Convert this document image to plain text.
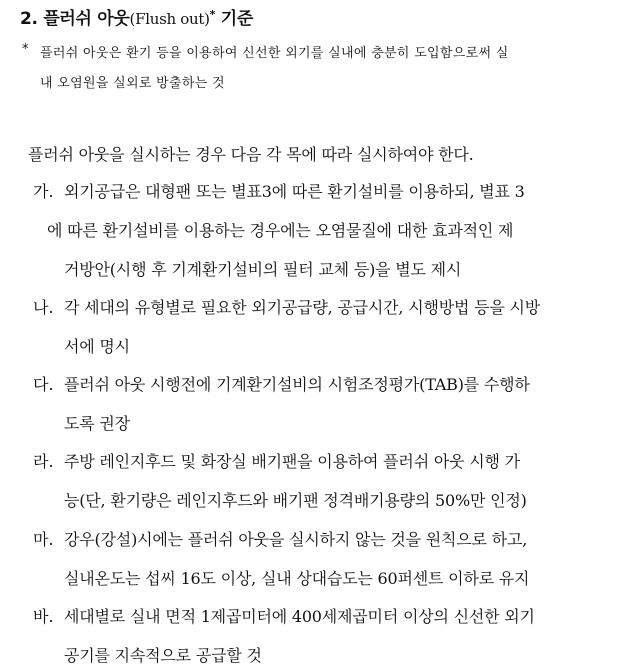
2. 플러쉬 아웃(Flush out)* 기준
* 플러쉬 아웃은 환기 등을 이용하여 신선한 외기를 실내에 충분히 도입함으로써 실
내 오염원을 실외로 방출하는 것
플러쉬 아웃을 실시하는 경우 다음 각 목에 따라 실시하여야 한다.
가. 외기공급은 대형팬 또는 별표3에 따른 환기설비를 이용하되, 별표 3
에 따른 환기설비를 이용하는 경우에는 오염물질에 대한 효과적인 제
거방안(시행 후 기계환기설비의 필터 교체 등)을 별도 제시
나. 각 세대의 유형별로 필요한 외기공급량, 공급시간, 시행방법 등을 시방
서에 명시
다. 플러쉬 아웃 시행전에 기계환기설비의 시험조정평가(TAB)를 수행하
도록 권장
라. 주방 레인지후드 및 화장실 배기팬을 이용하여 플러쉬 아웃 시행 가
능(단, 환기량은 레인지후드와 배기팬 정격배기용량의 50%만 인정)
마. 강우(강설)시에는 플러쉬 아웃을 실시하지 않는 것을 원칙으로 하고,
실내온도는 섭씨 16도 이상, 실내 상대습도는 60퍼센트 이하로 유지
바. 세대별로 실내 면적 1제곱미터에 400세제곱미터 이상의 신선한 외기
공기를 지속적으로 공급할 것
